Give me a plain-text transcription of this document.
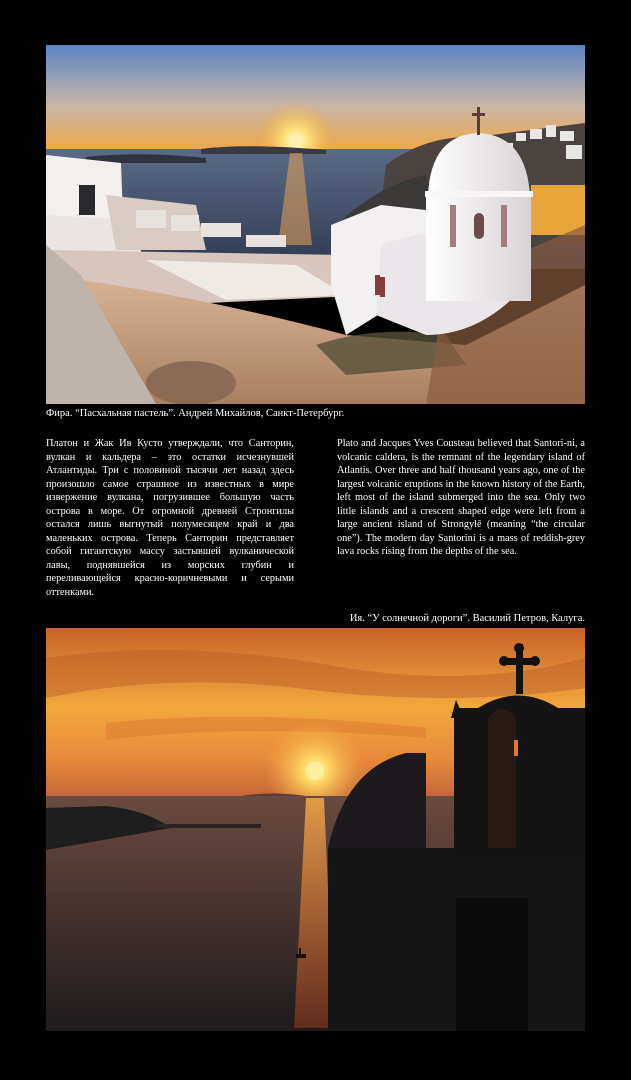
Фира. “Пасхальная пастель”. Андрей Михайлов, Санкт-Петербург.
Платон и Жак Ив Кусто утверждали, что Санторин, вулкан и кальдера – это остатки исчезнувшей Атлантиды. Три с половиной тысячи лет назад здесь произошло самое страшное из известных в мире извержение вулкана, погрузившее большую часть острова в море. От огромной древней Стронгилы остался лишь выгнутый полумесяцем край и два маленьких острова. Теперь Санторин представляет собой гигантскую массу застывшей вулканической лавы, поднявшейся из морских глубин и переливающейся красно-коричневыми и серыми оттенками.
Plato and Jacques Yves Cousteau believed that Santori-ni, a volcanic caldera, is the remnant of the legendary island of Atlantis. Over three and half thousand years ago, one of the largest volcanic eruptions in the known history of the Earth, left most of the island submerged into the sea. Only two little islands and a crescent shaped edge were left from a large ancient island of Strongylē (meaning “the circular one”). The modern day Santorini is a mass of reddish-grey lava rocks rising from the depths of the sea.
Ия. “У солнечной дороги”. Василий Петров, Калуга.
